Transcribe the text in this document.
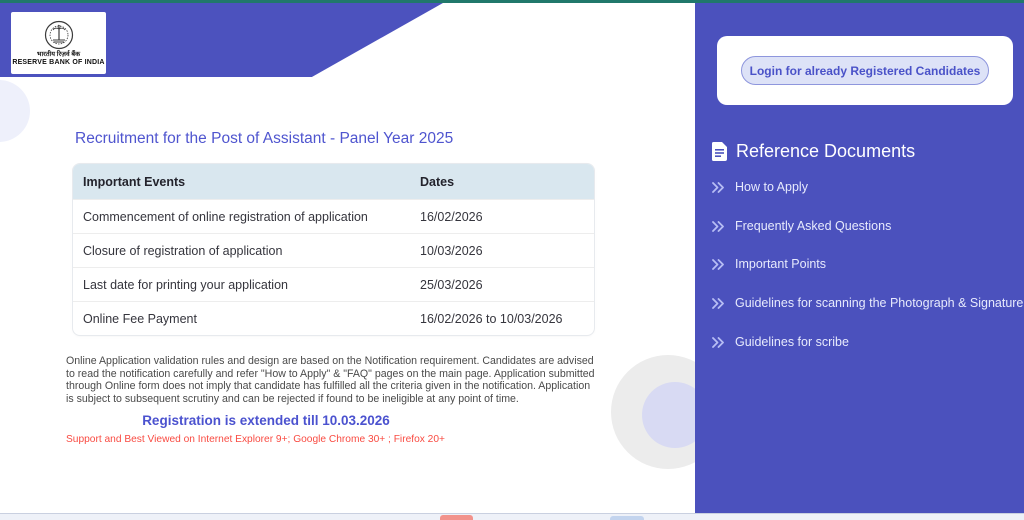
भारतीय रिज़र्व बैंक
RESERVE BANK OF INDIA
Recruitment for the Post of Assistant - Panel Year 2025
Important Events	Dates
Commencement of online registration of application	16/02/2026
Closure of registration of application	10/03/2026
Last date for printing your application	25/03/2026
Online Fee Payment	16/02/2026 to 10/03/2026
Online Application validation rules and design are based on the Notification requirement. Candidates are advised to read the notification carefully and refer "How to Apply" & "FAQ" pages on the main page. Application submitted through Online form does not imply that candidate has fulfilled all the criteria given in the notification. Application is subject to subsequent scrutiny and can be rejected if found to be ineligible at any point of time.
Registration is extended till 10.03.2026
Support and Best Viewed on Internet Explorer 9+; Google Chrome 30+ ; Firefox 20+
Login for already Registered Candidates
Reference Documents
How to Apply
Frequently Asked Questions
Important Points
Guidelines for scanning the Photograph & Signature
Guidelines for scribe
